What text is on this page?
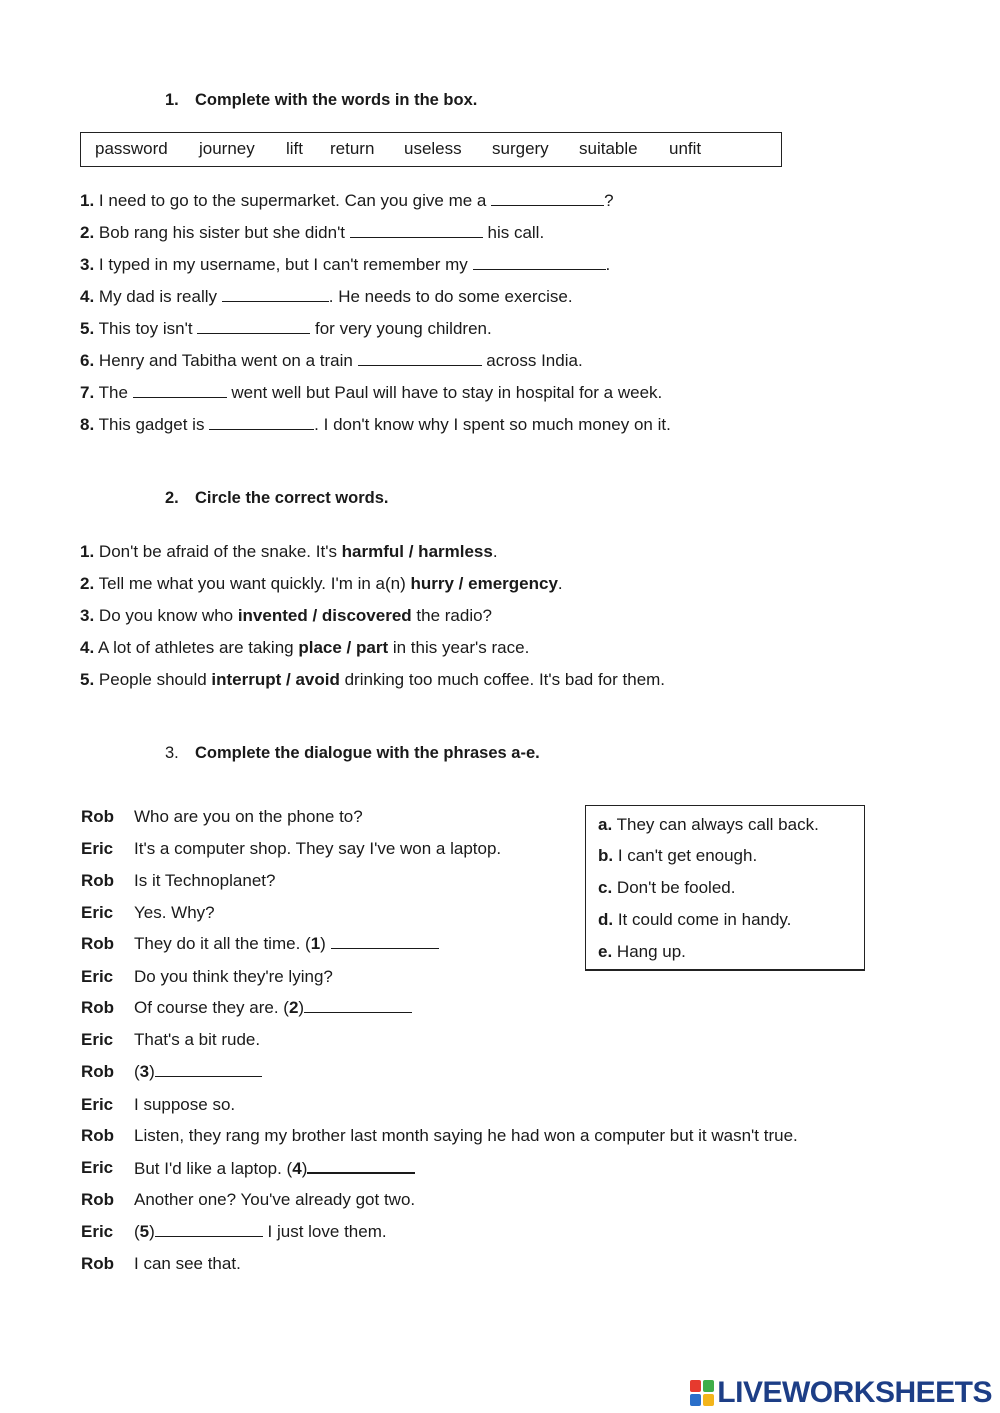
1. Complete with the words in the box.
password journey lift return useless surgery suitable unfit
1. I need to go to the supermarket. Can you give me a	?
2. Bob rang his sister but she didn't	his call.
3. I typed in my username, but I can't remember my	.
4. My dad is really	. He needs to do some exercise.
5. This toy isn't	for very young children.
6. Henry and Tabitha went on a train	across India.
7. The	went well but Paul will have to stay in hospital for a week.
8. This gadget is	. I don't know why I spent so much money on it.
2. Circle the correct words.
1. Don't be afraid of the snake. It's harmful / harmless.
2. Tell me what you want quickly. I'm in a(n) hurry / emergency.
3. Do you know who invented / discovered the radio?
4. A lot of athletes are taking place / part in this year's race.
5. People should interrupt / avoid drinking too much coffee. It's bad for them.
3. Complete the dialogue with the phrases a-e.
Rob Who are you on the phone to?
Eric It's a computer shop. They say I've won a laptop.
Rob Is it Technoplanet?
Eric Yes. Why?
Rob They do it all the time. (1)
Eric Do you think they're lying?
Rob Of course they are. (2)
Eric That's a bit rude.
Rob (3)
Eric I suppose so.
Rob Listen, they rang my brother last month saying he had won a computer but it wasn't true.
Eric But I'd like a laptop. (4)
Rob Another one? You've already got two.
Eric (5)	I just love them.
Rob I can see that.
a. They can always call back.
b. I can't get enough.
c. Don't be fooled.
d. It could come in handy.
e. Hang up.
LIVEWORKSHEETS
